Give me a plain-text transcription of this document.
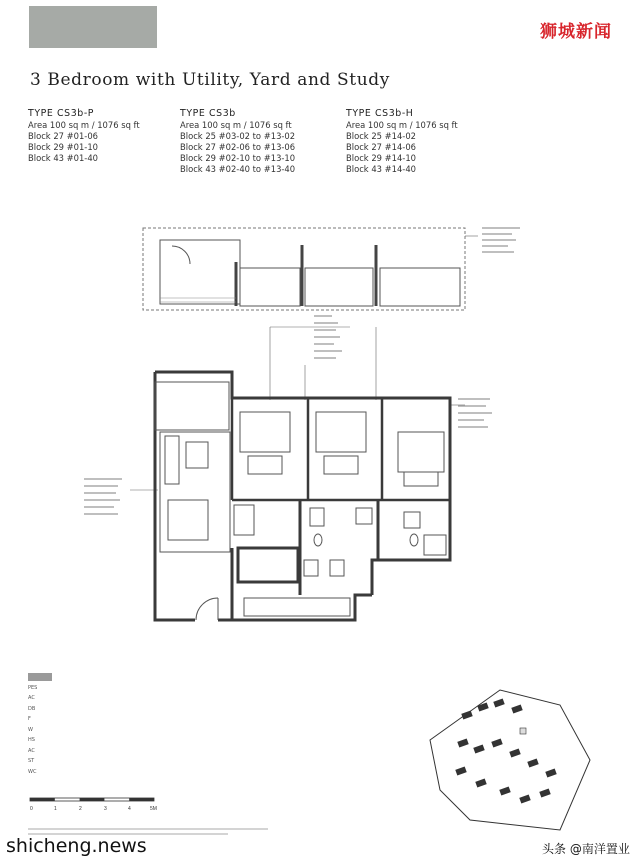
狮城新闻
3 Bedroom with Utility, Yard and Study
TYPE CS3b-P
Area 100 sq m / 1076 sq ft
Block 27 #01-06
Block 29 #01-10
Block 43 #01-40
TYPE CS3b
Area 100 sq m / 1076 sq ft
Block 25 #03-02 to #13-02
Block 27 #02-06 to #13-06
Block 29 #02-10 to #13-10
Block 43 #02-40 to #13-40
TYPE CS3b-H
Area 100 sq m / 1076 sq ft
Block 25 #14-02
Block 27 #14-06
Block 29 #14-10
Block 43 #14-40
PES
AC
DB
F
W
HS
AC
ST
WC
0	1	2	3	4	5M
shicheng.news	头条 @南洋置业
